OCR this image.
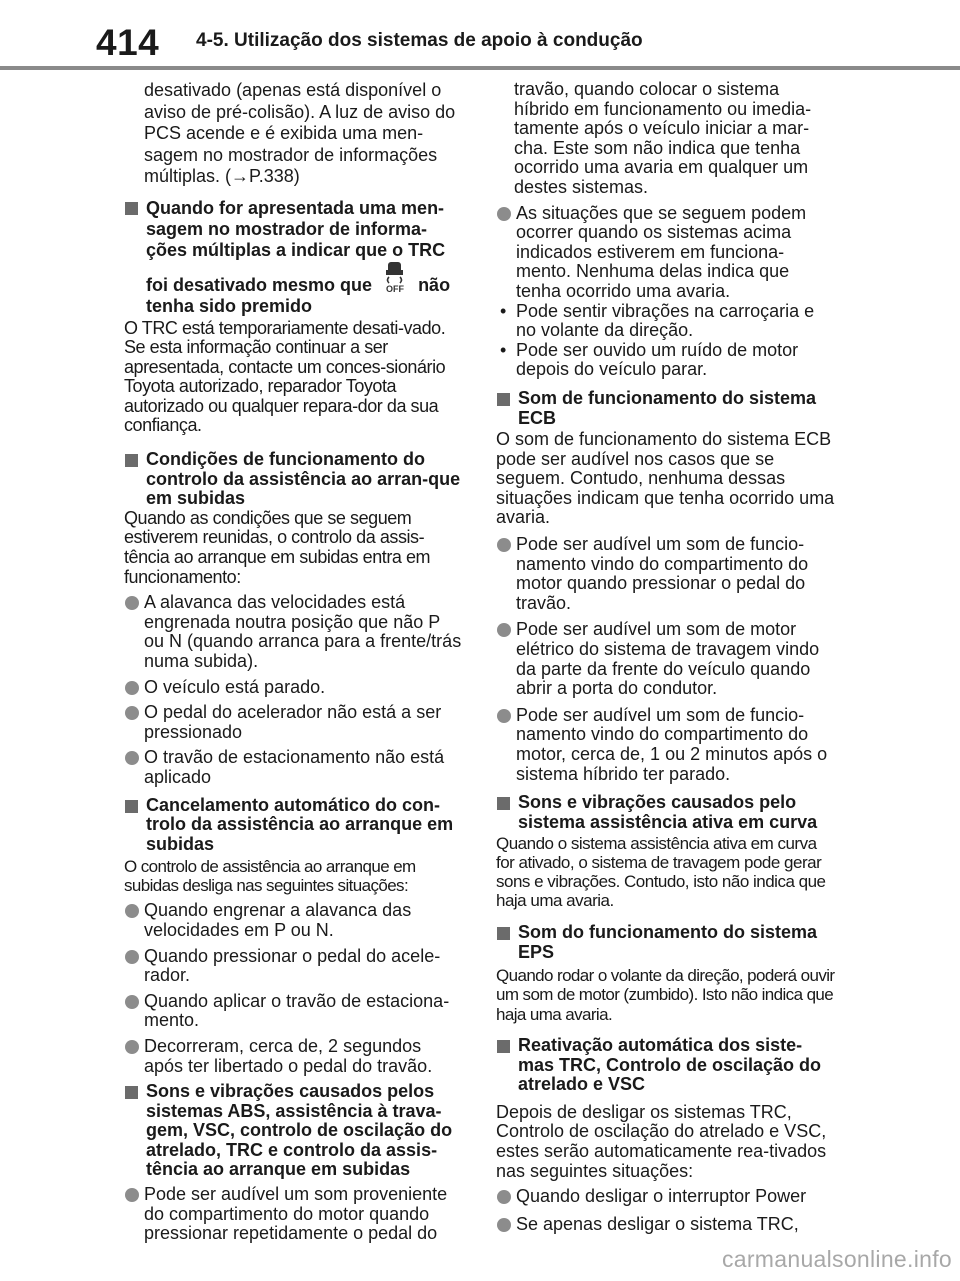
414 4-5. Utilização dos sistemas de apoio à condução

desativado (apenas está disponível o aviso de pré-colisão). A luz de aviso do PCS acende e é exibida uma men-sagem no mostrador de informações múltiplas. (→P.338)

Quando for apresentada uma men-sagem no mostrador de informa-ções múltiplas a indicar que o TRC foi desativado mesmo que OFF não tenha sido premido

O TRC está temporariamente desati-vado. Se esta informação continuar a ser apresentada, contacte um conces-sionário Toyota autorizado, reparador Toyota autorizado ou qualquer repara-dor da sua confiança.

Condições de funcionamento do controlo da assistência ao arran-que em subidas

Quando as condições que se seguem estiverem reunidas, o controlo da assis-tência ao arranque em subidas entra em funcionamento:

A alavanca das velocidades está engrenada noutra posição que não P ou N (quando arranca para a frente/trás numa subida).

O veículo está parado.

O pedal do acelerador não está a ser pressionado

O travão de estacionamento não está aplicado

Cancelamento automático do con-trolo da assistência ao arranque em subidas

O controlo de assistência ao arranque em subidas desliga nas seguintes situações:

Quando engrenar a alavanca das velocidades em P ou N.

Quando pressionar o pedal do acele-rador.

Quando aplicar o travão de estaciona-mento.

Decorreram, cerca de, 2 segundos após ter libertado o pedal do travão.

Sons e vibrações causados pelos sistemas ABS, assistência à trava-gem, VSC, controlo de oscilação do atrelado, TRC e controlo da assis-tência ao arranque em subidas

Pode ser audível um som proveniente do compartimento do motor quando pressionar repetidamente o pedal do

travão, quando colocar o sistema híbrido em funcionamento ou imedia-tamente após o veículo iniciar a mar-cha. Este som não indica que tenha ocorrido uma avaria em qualquer um destes sistemas.

As situações que se seguem podem ocorrer quando os sistemas acima indicados estiverem em funciona-mento. Nenhuma delas indica que tenha ocorrido uma avaria.

• Pode sentir vibrações na carroçaria e no volante da direção.

• Pode ser ouvido um ruído de motor depois do veículo parar.

Som de funcionamento do sistema ECB

O som de funcionamento do sistema ECB pode ser audível nos casos que se seguem. Contudo, nenhuma dessas situações indicam que tenha ocorrido uma avaria.

Pode ser audível um som de funcio-namento vindo do compartimento do motor quando pressionar o pedal do travão.

Pode ser audível um som de motor elétrico do sistema de travagem vindo da parte da frente do veículo quando abrir a porta do condutor.

Pode ser audível um som de funcio-namento vindo do compartimento do motor, cerca de, 1 ou 2 minutos após o sistema híbrido ter parado.

Sons e vibrações causados pelo sistema assistência ativa em curva

Quando o sistema assistência ativa em curva for ativado, o sistema de travagem pode gerar sons e vibrações. Contudo, isto não indica que haja uma avaria.

Som do funcionamento do sistema EPS

Quando rodar o volante da direção, poderá ouvir um som de motor (zumbido). Isto não indica que haja uma avaria.

Reativação automática dos siste-mas TRC, Controlo de oscilação do atrelado e VSC

Depois de desligar os sistemas TRC, Controlo de oscilação do atrelado e VSC, estes serão automaticamente rea-tivados nas seguintes situações:

Quando desligar o interruptor Power

Se apenas desligar o sistema TRC,

carmanualsonline.info
